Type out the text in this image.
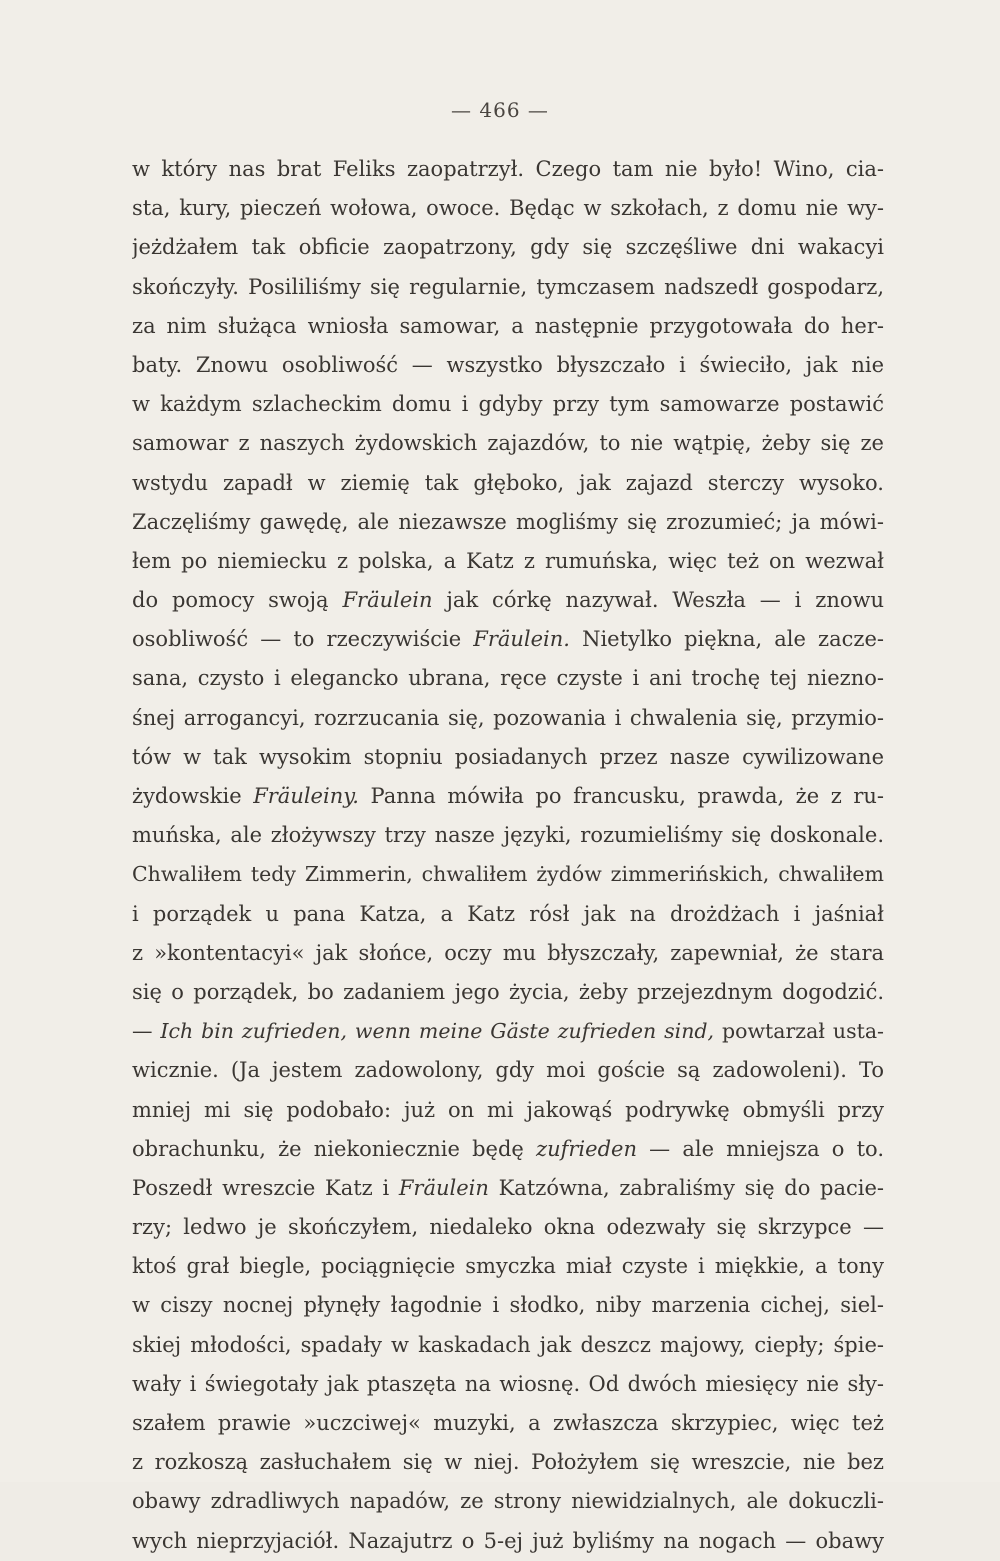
— 466 —
w który nas brat Feliks zaopatrzył. Czego tam nie było! Wino, cia-
sta, kury, pieczeń wołowa, owoce. Będąc w szkołach, z domu nie wy-
jeżdżałem tak obficie zaopatrzony, gdy się szczęśliwe dni wakacyi
skończyły. Posililiśmy się regularnie, tymczasem nadszedł gospodarz,
za nim służąca wniosła samowar, a następnie przygotowała do her-
baty. Znowu osobliwość — wszystko błyszczało i świeciło, jak nie
w każdym szlacheckim domu i gdyby przy tym samowarze postawić
samowar z naszych żydowskich zajazdów, to nie wątpię, żeby się ze
wstydu zapadł w ziemię tak głęboko, jak zajazd sterczy wysoko.
Zaczęliśmy gawędę, ale niezawsze mogliśmy się zrozumieć; ja mówi-
łem po niemiecku z polska, a Katz z rumuńska, więc też on wezwał
do pomocy swoją Fräulein jak córkę nazywał. Weszła — i znowu
osobliwość — to rzeczywiście Fräulein. Nietylko piękna, ale zacze-
sana, czysto i elegancko ubrana, ręce czyste i ani trochę tej niezno-
śnej arrogancyi, rozrzucania się, pozowania i chwalenia się, przymio-
tów w tak wysokim stopniu posiadanych przez nasze cywilizowane
żydowskie Fräuleiny. Panna mówiła po francusku, prawda, że z ru-
muńska, ale złożywszy trzy nasze języki, rozumieliśmy się doskonale.
Chwaliłem tedy Zimmerin, chwaliłem żydów zimmerińskich, chwaliłem
i porządek u pana Katza, a Katz rósł jak na drożdżach i jaśniał
z »kontentacyi« jak słońce, oczy mu błyszczały, zapewniał, że stara
się o porządek, bo zadaniem jego życia, żeby przejezdnym dogodzić.
— Ich bin zufrieden, wenn meine Gäste zufrieden sind, powtarzał usta-
wicznie. (Ja jestem zadowolony, gdy moi goście są zadowoleni). To
mniej mi się podobało: już on mi jakowąś podrywkę obmyśli przy
obrachunku, że niekoniecznie będę zufrieden — ale mniejsza o to.
Poszedł wreszcie Katz i Fräulein Katzówna, zabraliśmy się do pacie-
rzy; ledwo je skończyłem, niedaleko okna odezwały się skrzypce —
ktoś grał biegle, pociągnięcie smyczka miał czyste i miękkie, a tony
w ciszy nocnej płynęły łagodnie i słodko, niby marzenia cichej, siel-
skiej młodości, spadały w kaskadach jak deszcz majowy, ciepły; śpie-
wały i świegotały jak ptaszęta na wiosnę. Od dwóch miesięcy nie sły-
szałem prawie »uczciwej« muzyki, a zwłaszcza skrzypiec, więc też
z rozkoszą zasłuchałem się w niej. Położyłem się wreszcie, nie bez
obawy zdradliwych napadów, ze strony niewidzialnych, ale dokuczli-
wych nieprzyjaciół. Nazajutrz o 5-ej już byliśmy na nogach — obawy
